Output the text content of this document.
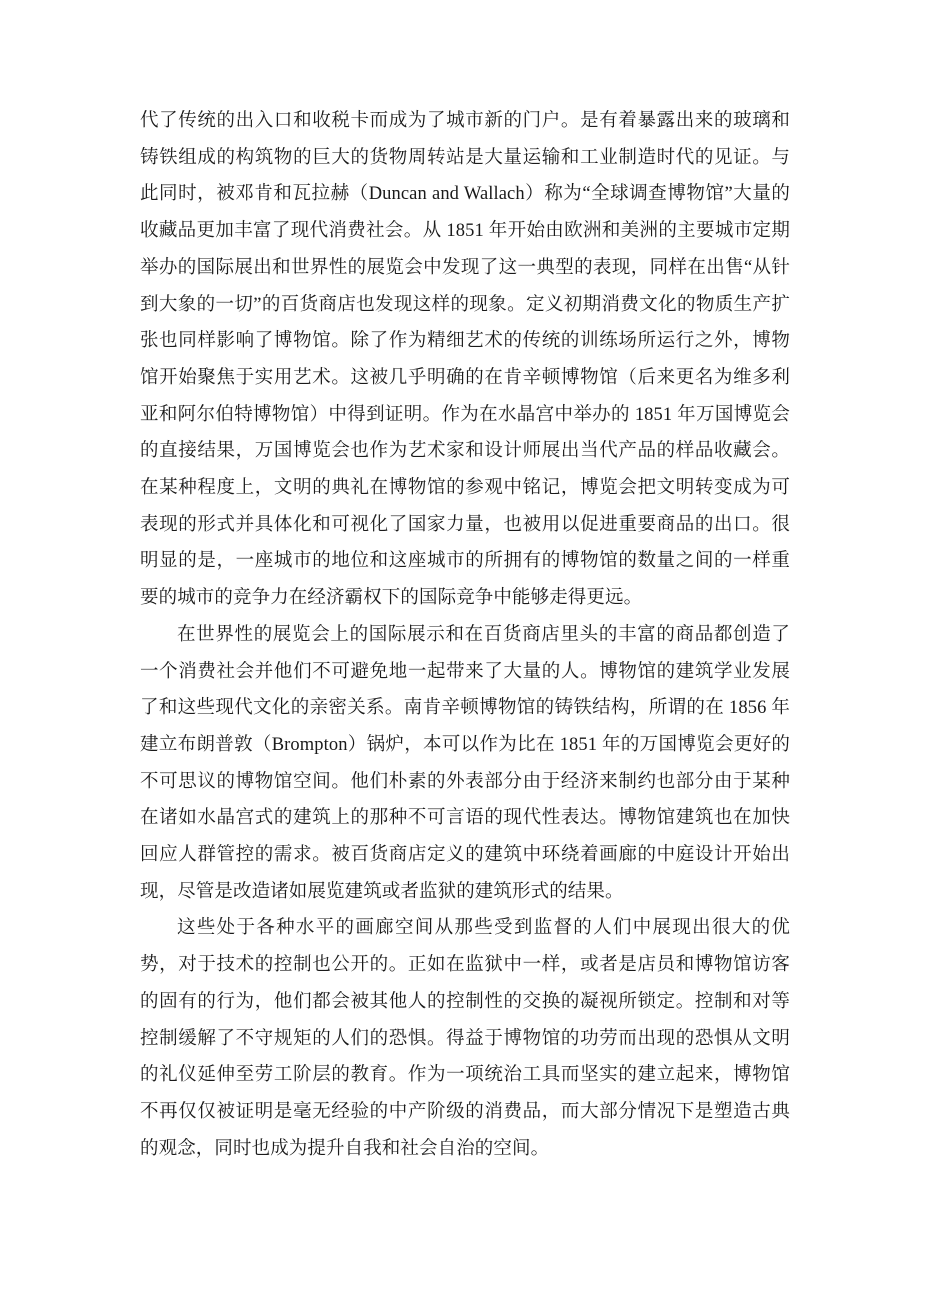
代了传统的出入口和收税卡而成为了城市新的门户。是有着暴露出来的玻璃和铸铁组成的构筑物的巨大的货物周转站是大量运输和工业制造时代的见证。与此同时，被邓肯和瓦拉赫（Duncan and Wallach）称为“全球调查博物馆”大量的收藏品更加丰富了现代消费社会。从 1851 年开始由欧洲和美洲的主要城市定期举办的国际展出和世界性的展览会中发现了这一典型的表现，同样在出售“从针到大象的一切”的百货商店也发现这样的现象。定义初期消费文化的物质生产扩张也同样影响了博物馆。除了作为精细艺术的传统的训练场所运行之外，博物馆开始聚焦于实用艺术。这被几乎明确的在肯辛顿博物馆（后来更名为维多利亚和阿尔伯特博物馆）中得到证明。作为在水晶宫中举办的 1851 年万国博览会的直接结果，万国博览会也作为艺术家和设计师展出当代产品的样品收藏会。在某种程度上，文明的典礼在博物馆的参观中铭记，博览会把文明转变成为可表现的形式并具体化和可视化了国家力量，也被用以促进重要商品的出口。很明显的是，一座城市的地位和这座城市的所拥有的博物馆的数量之间的一样重要的城市的竞争力在经济霸权下的国际竞争中能够走得更远。

在世界性的展览会上的国际展示和在百货商店里头的丰富的商品都创造了一个消费社会并他们不可避免地一起带来了大量的人。博物馆的建筑学业发展了和这些现代文化的亲密关系。南肯辛顿博物馆的铸铁结构，所谓的在 1856 年建立布朗普敦（Brompton）锅炉，本可以作为比在 1851 年的万国博览会更好的不可思议的博物馆空间。他们朴素的外表部分由于经济来制约也部分由于某种在诸如水晶宫式的建筑上的那种不可言语的现代性表达。博物馆建筑也在加快回应人群管控的需求。被百货商店定义的建筑中环绕着画廊的中庭设计开始出现，尽管是改造诸如展览建筑或者监狱的建筑形式的结果。

这些处于各种水平的画廊空间从那些受到监督的人们中展现出很大的优势，对于技术的控制也公开的。正如在监狱中一样，或者是店员和博物馆访客的固有的行为，他们都会被其他人的控制性的交换的凝视所锁定。控制和对等控制缓解了不守规矩的人们的恐惧。得益于博物馆的功劳而出现的恐惧从文明的礼仪延伸至劳工阶层的教育。作为一项统治工具而坚实的建立起来，博物馆不再仅仅被证明是毫无经验的中产阶级的消费品，而大部分情况下是塑造古典的观念，同时也成为提升自我和社会自治的空间。
